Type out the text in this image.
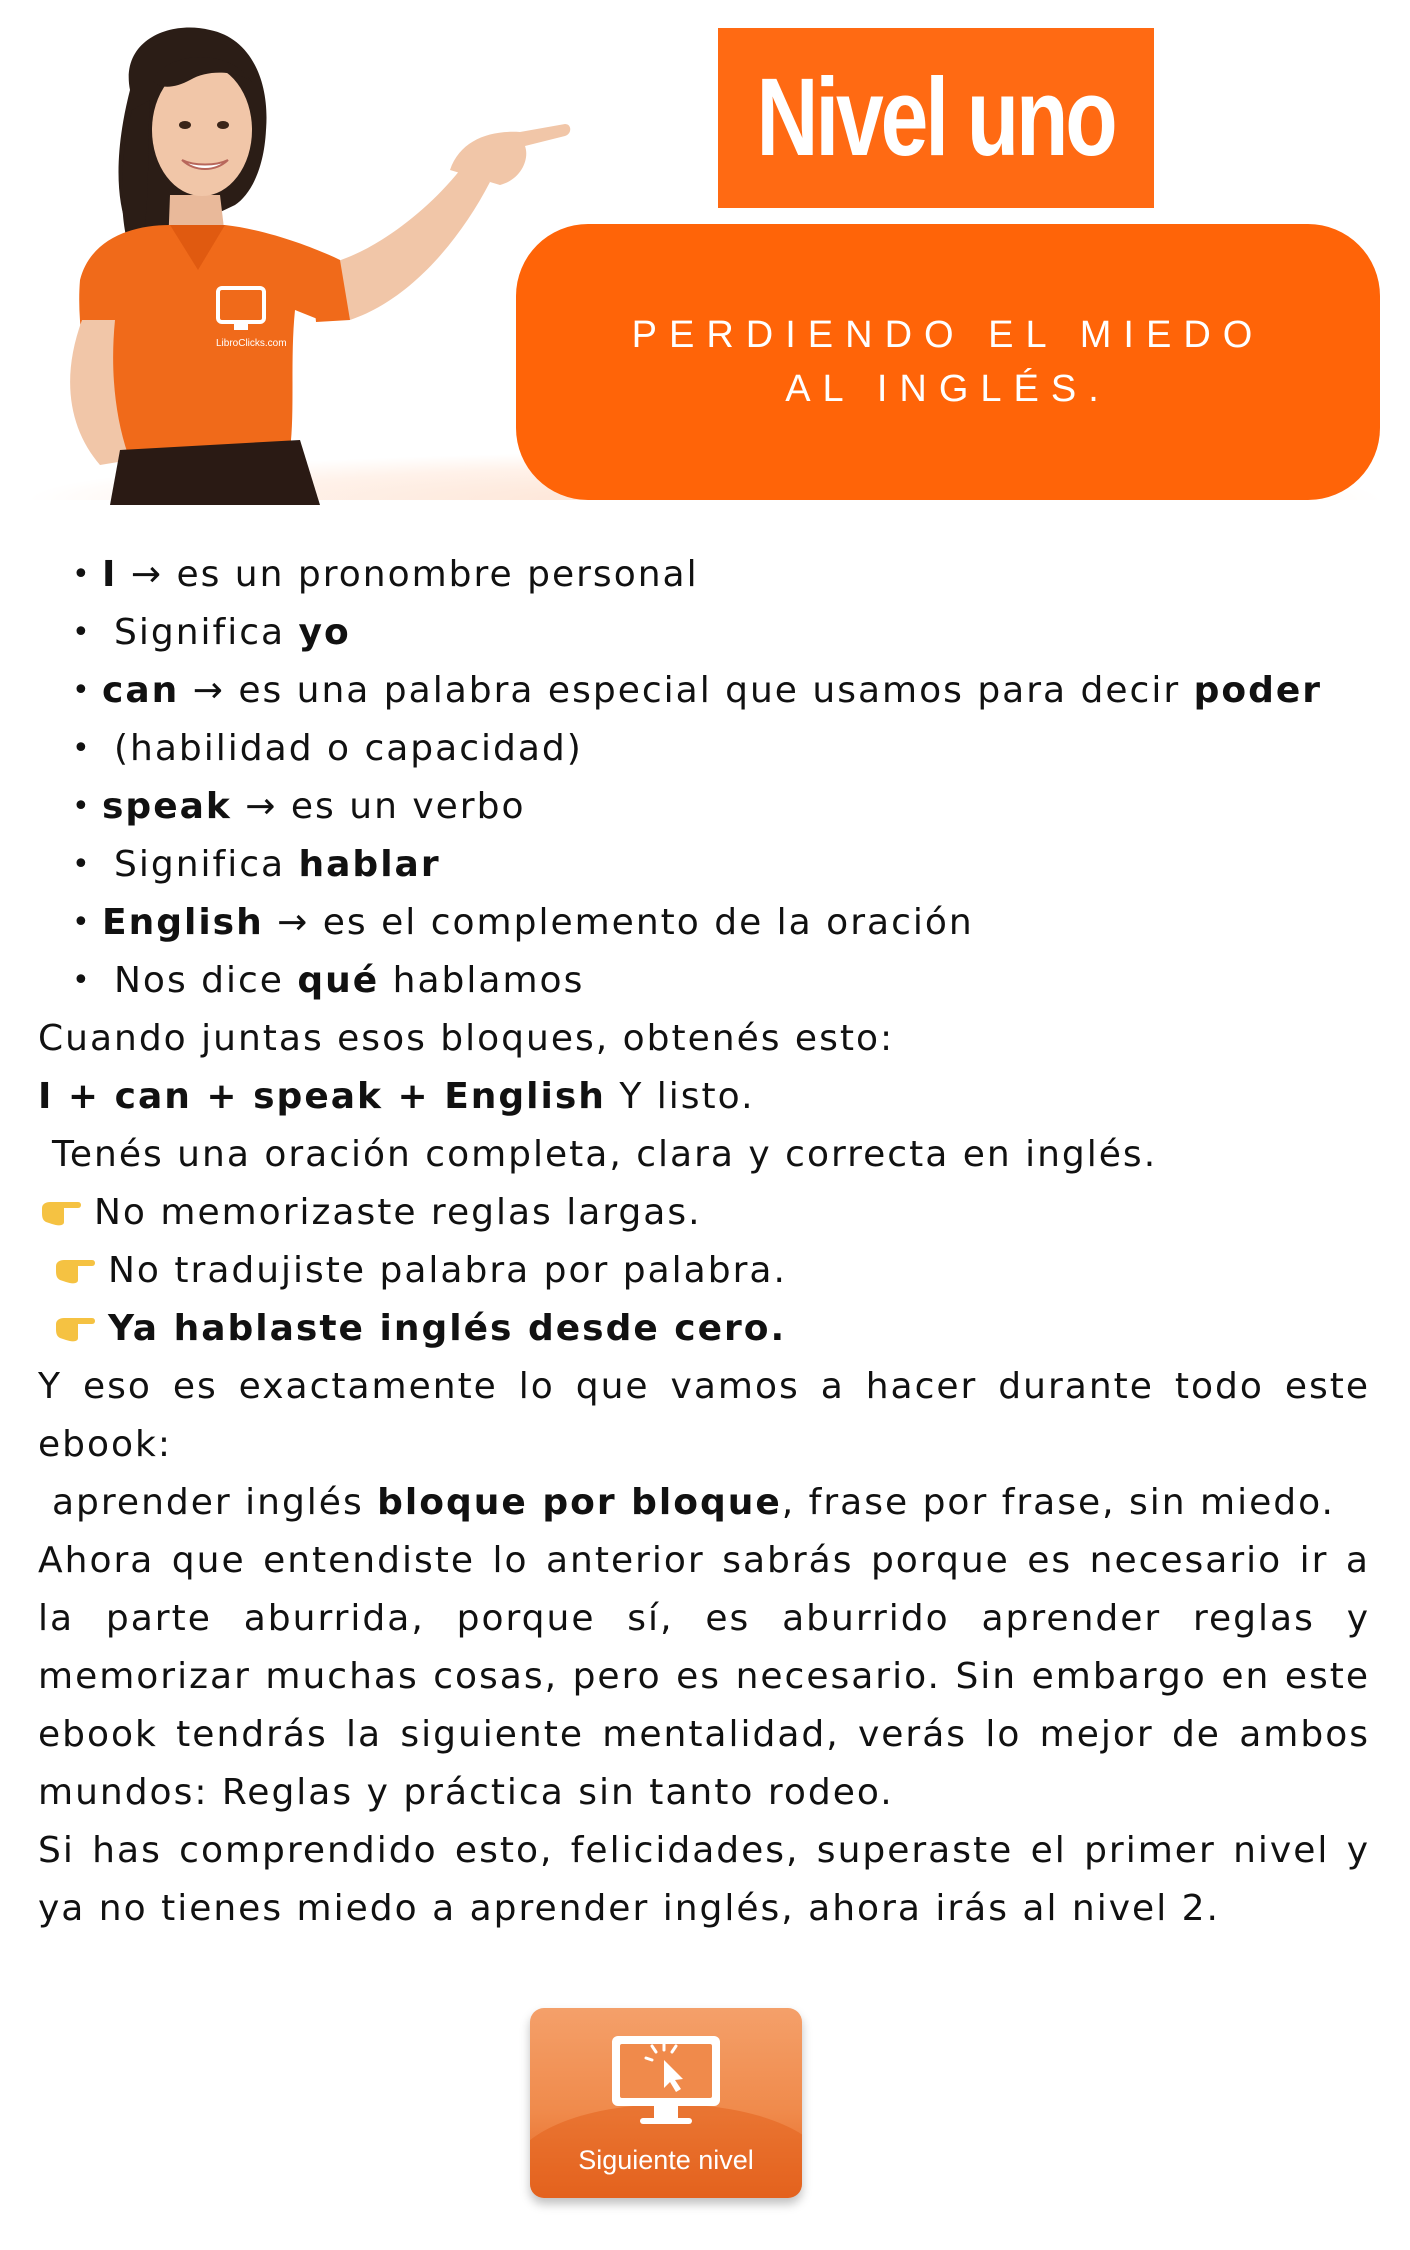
LibroClicks.com
Nivel uno
PERDIENDO EL MIEDO AL INGLÉS.
• I → es un pronombre personal
• Significa yo
• can → es una palabra especial que usamos para decir poder
• (habilidad o capacidad)
• speak → es un verbo
• Significa hablar
• English → es el complemento de la oración
• Nos dice qué hablamos

Cuando juntas esos bloques, obtenés esto:

I + can + speak + English Y listo.

Tenés una oración completa, clara y correcta en inglés.

No memorizaste reglas largas.

No tradujiste palabra por palabra.

Ya hablaste inglés desde cero.

Y eso es exactamente lo que vamos a hacer durante todo este

ebook:

aprender inglés bloque por bloque, frase por frase, sin miedo.

Ahora que entendiste lo anterior sabrás porque es necesario ir a la parte aburrida, porque sí, es aburrido aprender reglas y memorizar muchas cosas, pero es necesario. Sin embargo en este ebook tendrás la siguiente mentalidad, verás lo mejor de ambos mundos: Reglas y práctica sin tanto rodeo.

Si has comprendido esto, felicidades, superaste el primer nivel y ya no tienes miedo a aprender inglés, ahora irás al nivel 2.

Siguiente nivel
